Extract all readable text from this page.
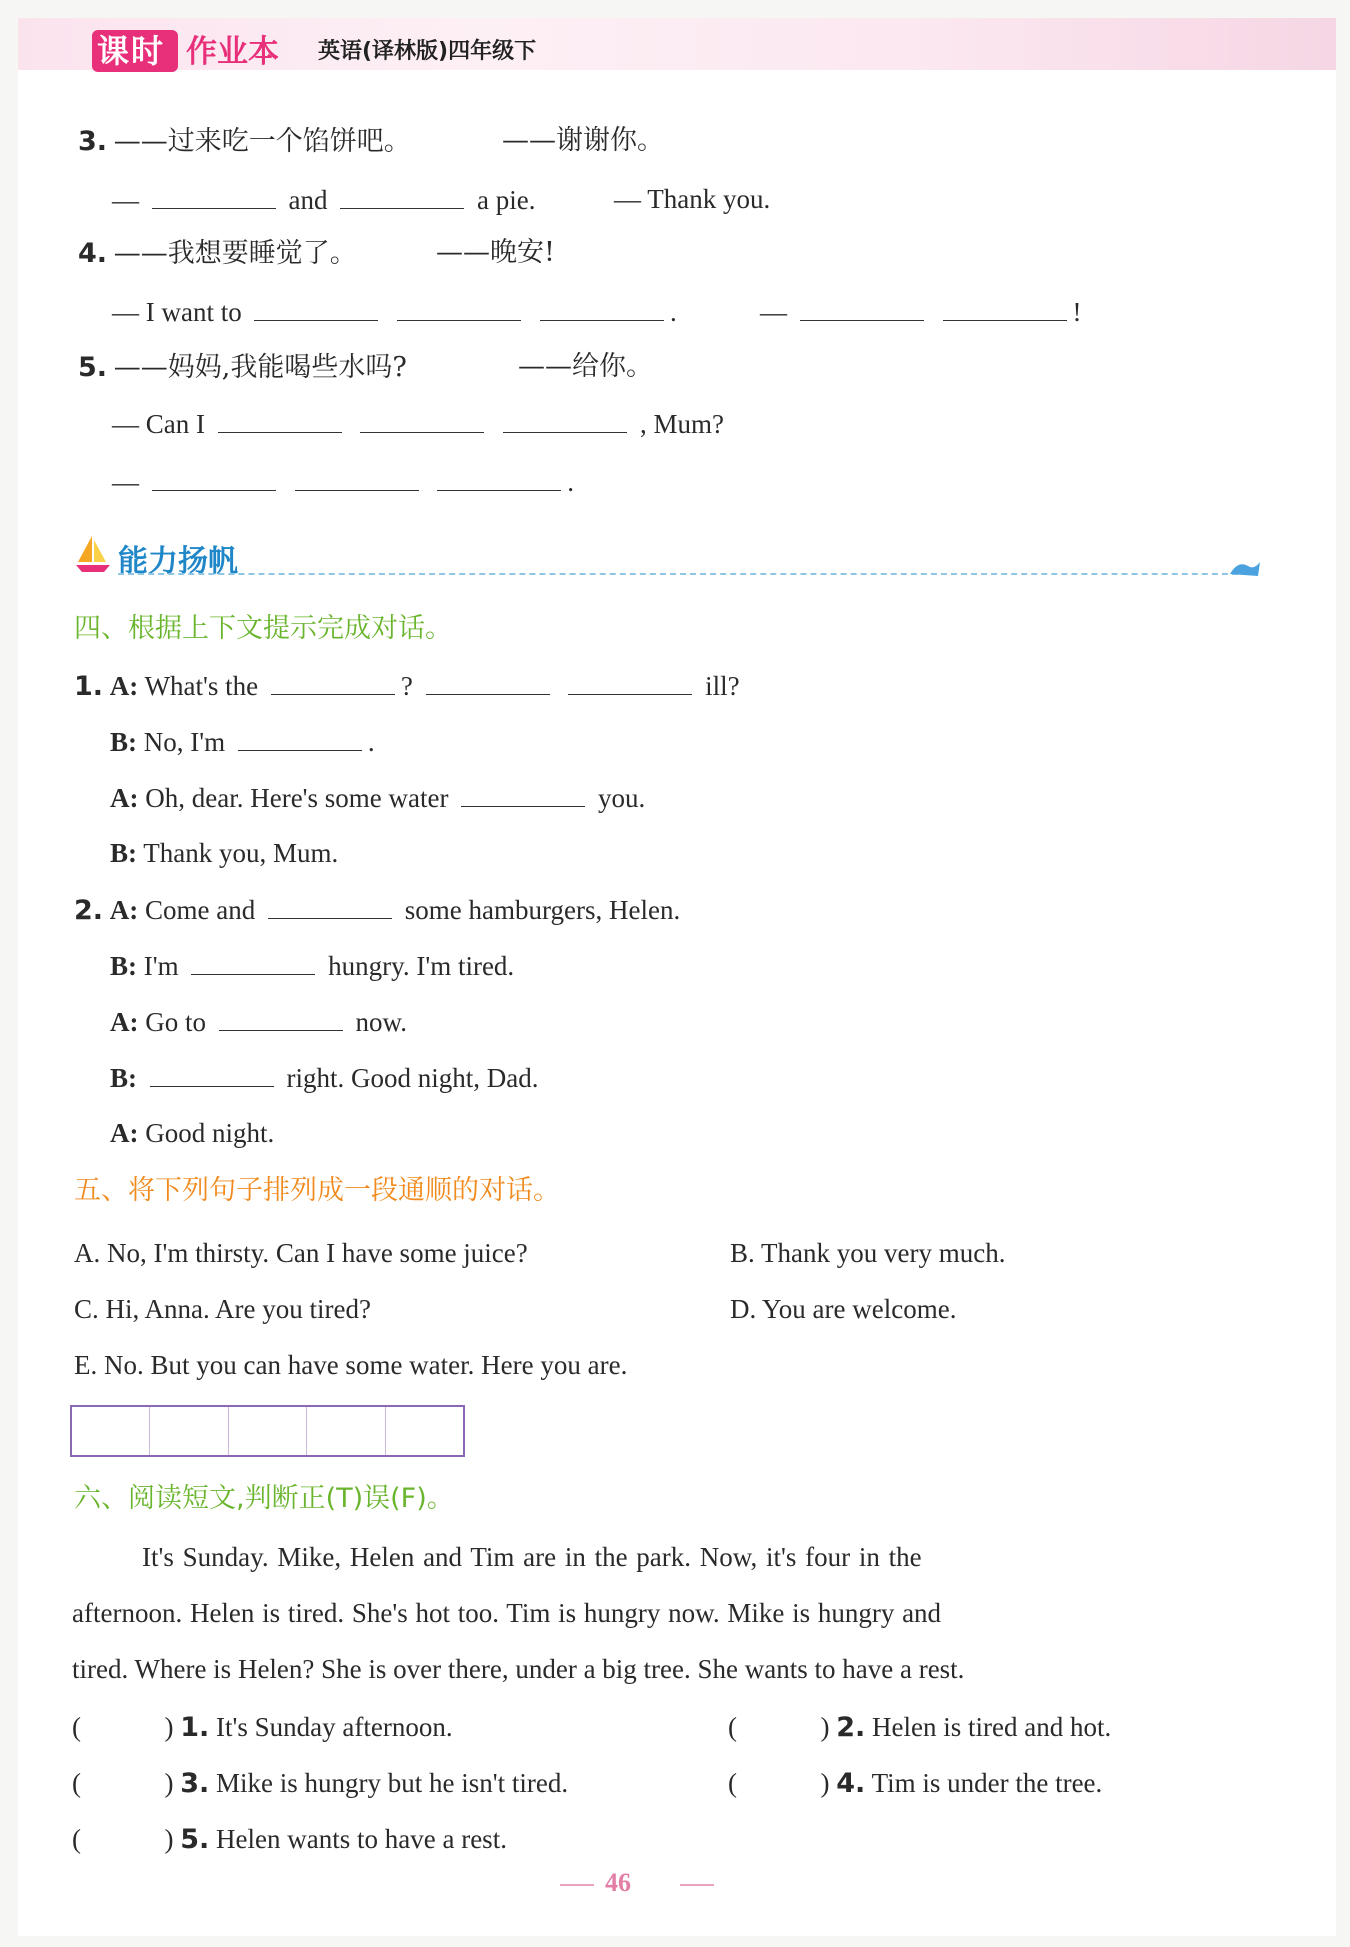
课时 作业本 英语(译林版)四年级下
3. ——过来吃一个馅饼吧。	——谢谢你。
—	and	a pie.	— Thank you.
4. ——我想要睡觉了。	——晚安!
— I want to	.	—	!
5. ——妈妈,我能喝些水吗?	——给你。
— Can I	, Mum?
—	.
能力扬帆
四、根据上下文提示完成对话。
1. A: What's the	?	ill?
B: No, I'm	.
A: Oh, dear. Here's some water	you.
B: Thank you, Mum.
2. A: Come and	some hamburgers, Helen.
B: I'm	hungry. I'm tired.
A: Go to	now.
B:	right. Good night, Dad.
A: Good night.
五、将下列句子排列成一段通顺的对话。
A. No, I'm thirsty. Can I have some juice?	B. Thank you very much.
C. Hi, Anna. Are you tired?	D. You are welcome.
E. No. But you can have some water. Here you are.
六、阅读短文,判断正(T)误(F)。
It's Sunday. Mike, Helen and Tim are in the park. Now, it's four in the
afternoon. Helen is tired. She's hot too. Tim is hungry now. Mike is hungry and
tired. Where is Helen? She is over there, under a big tree. She wants to have a rest.
(	) 1. It's Sunday afternoon.	(	) 2. Helen is tired and hot.
(	) 3. Mike is hungry but he isn't tired.	(	) 4. Tim is under the tree.
(	) 5. Helen wants to have a rest.
46
